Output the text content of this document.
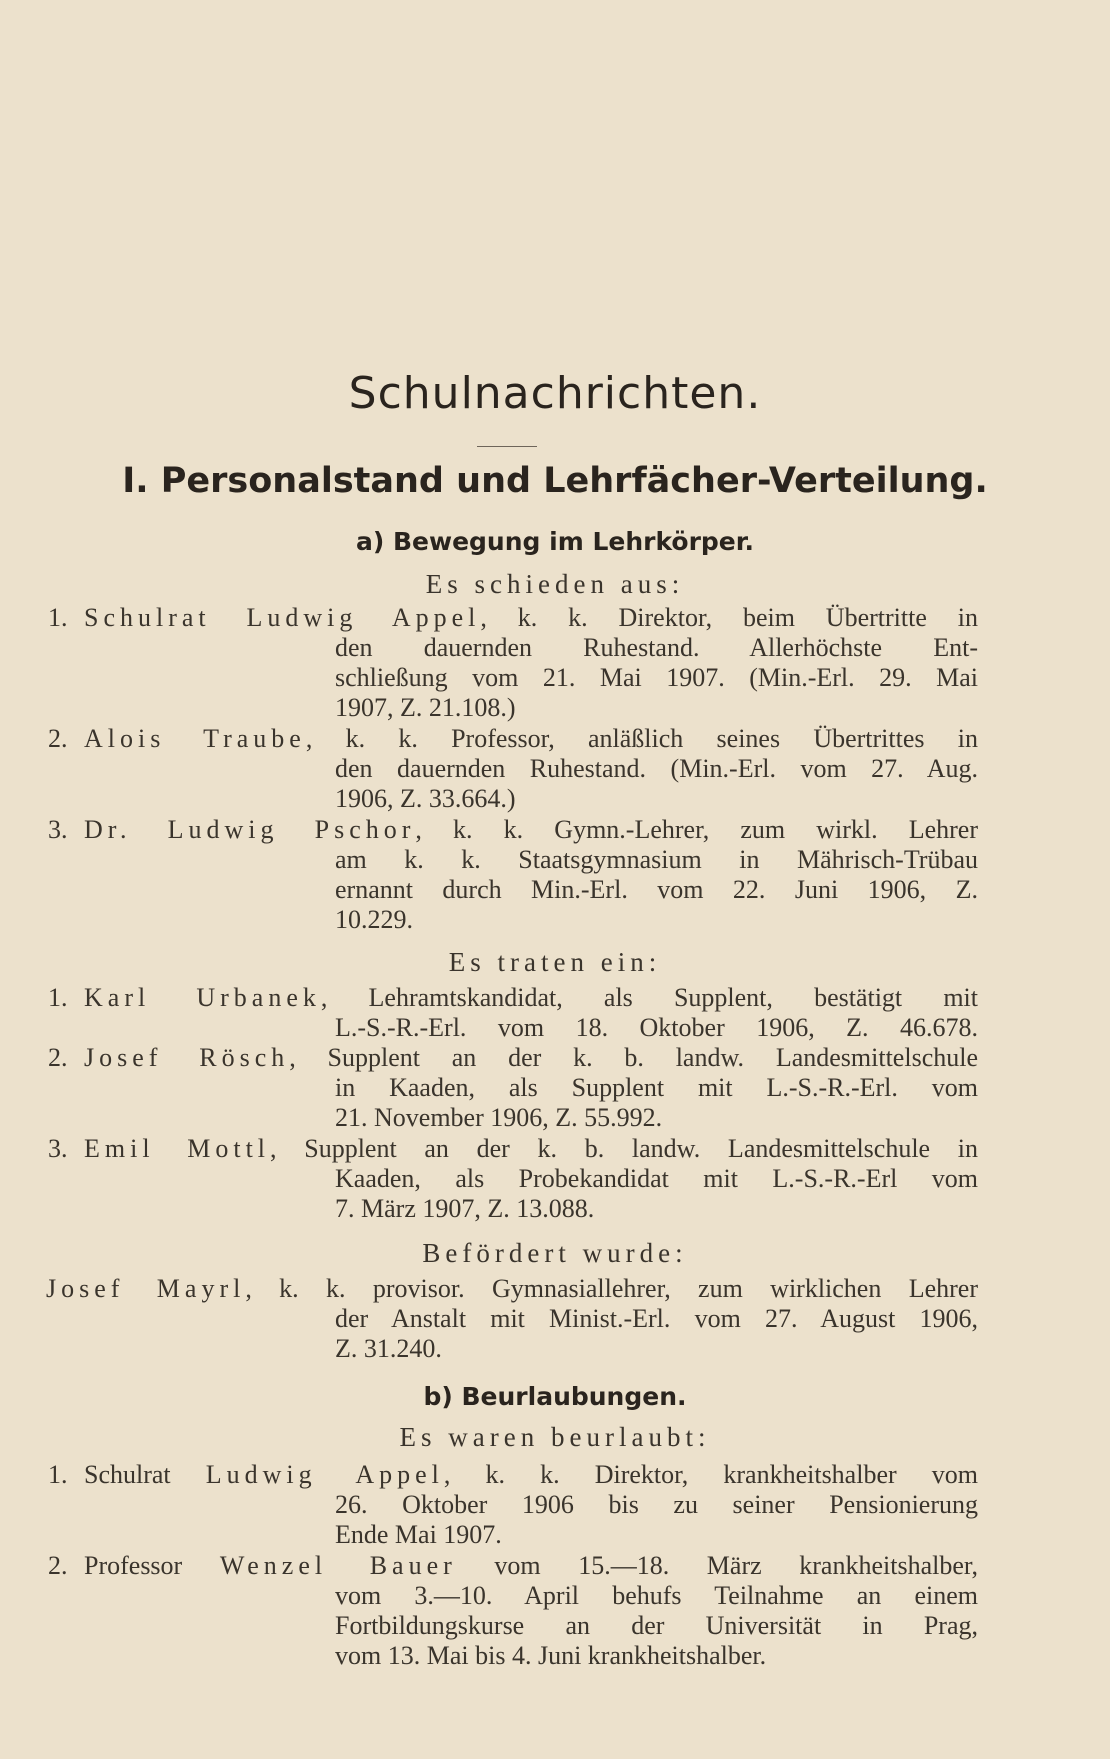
Schulnachrichten.
I. Personalstand und Lehrfächer-Verteilung.
a) Bewegung im Lehrkörper.
Es schieden aus:
1. Schulrat Ludwig Appel, k. k. Direktor, beim Übertritte in
den dauernden Ruhestand. Allerhöchste Ent-
schließung vom 21. Mai 1907. (Min.-Erl. 29. Mai
1907, Z. 21.108.)
2. Alois Traube, k. k. Professor, anläßlich seines Übertrittes in
den dauernden Ruhestand. (Min.-Erl. vom 27. Aug.
1906, Z. 33.664.)
3. Dr. Ludwig Pschor, k. k. Gymn.-Lehrer, zum wirkl. Lehrer
am k. k. Staatsgymnasium in Mährisch-Trübau
ernannt durch Min.-Erl. vom 22. Juni 1906, Z.
10.229.
Es traten ein:
1. Karl Urbanek, Lehramtskandidat, als Supplent, bestätigt mit
L.-S.-R.-Erl. vom 18. Oktober 1906, Z. 46.678.
2. Josef Rösch, Supplent an der k. b. landw. Landesmittelschule
in Kaaden, als Supplent mit L.-S.-R.-Erl. vom
21. November 1906, Z. 55.992.
3. Emil Mottl, Supplent an der k. b. landw. Landesmittelschule in
Kaaden, als Probekandidat mit L.-S.-R.-Erl vom
7. März 1907, Z. 13.088.
Befördert wurde:
Josef Mayrl, k. k. provisor. Gymnasiallehrer, zum wirklichen Lehrer
der Anstalt mit Minist.-Erl. vom 27. August 1906,
Z. 31.240.
b) Beurlaubungen.
Es waren beurlaubt:
1. Schulrat Ludwig Appel, k. k. Direktor, krankheitshalber vom
26. Oktober 1906 bis zu seiner Pensionierung
Ende Mai 1907.
2. Professor Wenzel Bauer vom 15.—18. März krankheitshalber,
vom 3.—10. April behufs Teilnahme an einem
Fortbildungskurse an der Universität in Prag,
vom 13. Mai bis 4. Juni krankheitshalber.
